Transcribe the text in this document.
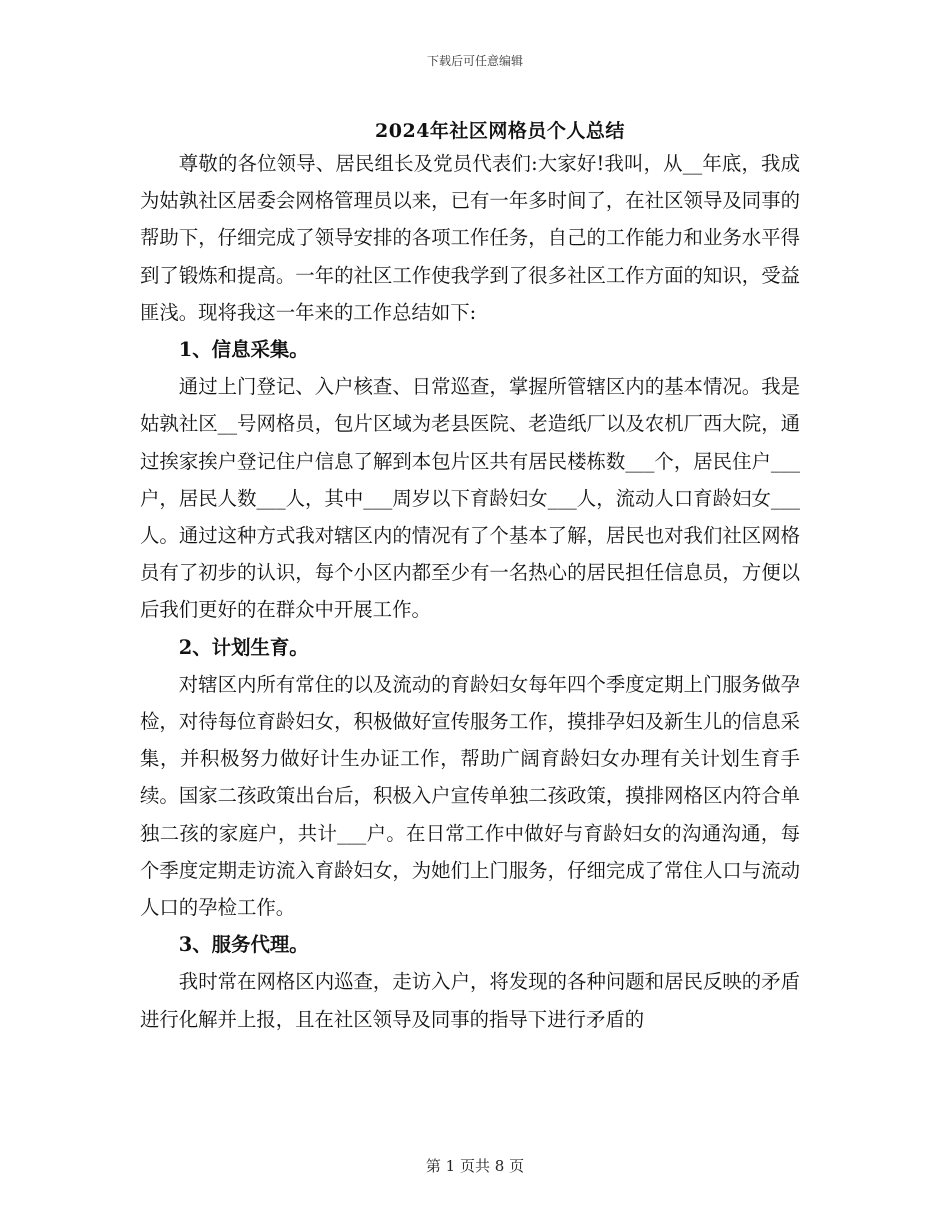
下载后可任意编辑
2024年社区网格员个人总结

尊敬的各位领导、居民组长及党员代表们:大家好!我叫，从__年底，我成为姑孰社区居委会网格管理员以来，已有一年多时间了，在社区领导及同事的帮助下，仔细完成了领导安排的各项工作任务，自己的工作能力和业务水平得到了锻炼和提高。一年的社区工作使我学到了很多社区工作方面的知识，受益匪浅。现将我这一年来的工作总结如下:

1、信息采集。

通过上门登记、入户核查、日常巡查，掌握所管辖区内的基本情况。我是姑孰社区__号网格员，包片区域为老县医院、老造纸厂以及农机厂西大院，通过挨家挨户登记住户信息了解到本包片区共有居民楼栋数___个，居民住户___户，居民人数___人，其中___周岁以下育龄妇女___人，流动人口育龄妇女___人。通过这种方式我对辖区内的情况有了个基本了解，居民也对我们社区网格员有了初步的认识，每个小区内都至少有一名热心的居民担任信息员，方便以后我们更好的在群众中开展工作。

2、计划生育。

对辖区内所有常住的以及流动的育龄妇女每年四个季度定期上门服务做孕检，对待每位育龄妇女，积极做好宣传服务工作，摸排孕妇及新生儿的信息采集，并积极努力做好计生办证工作，帮助广阔育龄妇女办理有关计划生育手续。国家二孩政策出台后，积极入户宣传单独二孩政策，摸排网格区内符合单独二孩的家庭户，共计___户。在日常工作中做好与育龄妇女的沟通沟通，每个季度定期走访流入育龄妇女，为她们上门服务，仔细完成了常住人口与流动人口的孕检工作。

3、服务代理。

我时常在网格区内巡查，走访入户，将发现的各种问题和居民反映的矛盾进行化解并上报，且在社区领导及同事的指导下进行矛盾的

第 1 页共 8 页
